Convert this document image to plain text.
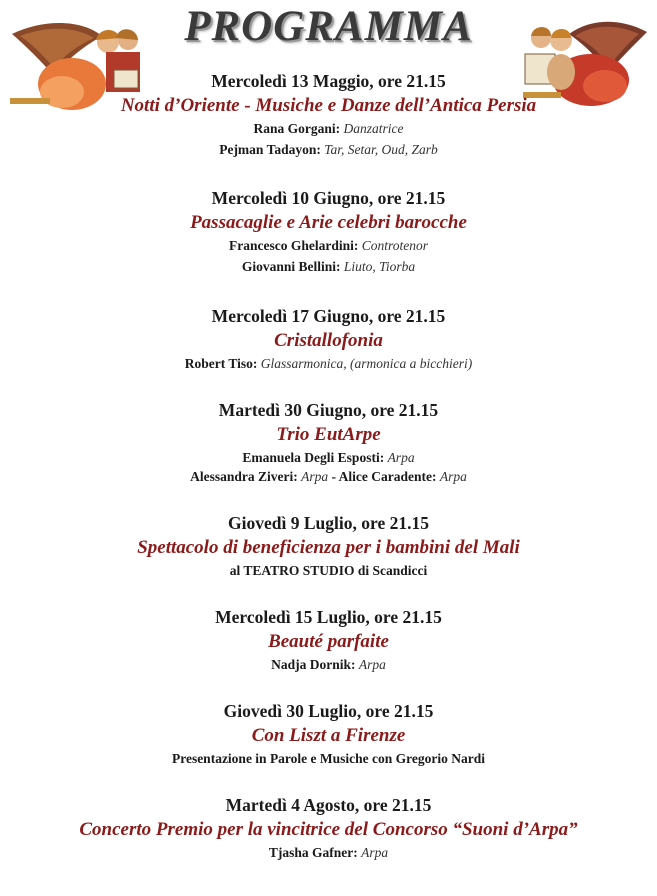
PROGRAMMA
Mercoledì 13 Maggio, ore 21.15
Notti d’Oriente - Musiche e Danze dell’Antica Persia
Rana Gorgani: Danzatrice
Pejman Tadayon: Tar, Setar, Oud, Zarb
Mercoledì 10 Giugno, ore 21.15
Passacaglie e Arie celebri barocche
Francesco Ghelardini: Controtenor
Giovanni Bellini: Liuto, Tiorba
Mercoledì 17 Giugno, ore 21.15
Cristallofonia
Robert Tiso: Glassarmonica, (armonica a bicchieri)
Martedì 30 Giugno, ore 21.15
Trio EutArpe
Emanuela Degli Esposti: Arpa
Alessandra Ziveri: Arpa - Alice Caradente: Arpa
Giovedì 9 Luglio, ore 21.15
Spettacolo di beneficienza per i bambini del Mali
al TEATRO STUDIO di Scandicci
Mercoledì 15 Luglio, ore 21.15
Beauté parfaite
Nadja Dornik: Arpa
Giovedì 30 Luglio, ore 21.15
Con Liszt a Firenze
Presentazione in Parole e Musiche con Gregorio Nardi
Martedì 4 Agosto, ore 21.15
Concerto Premio per la vincitrice del Concorso “Suoni d’Arpa”
Tjasha Gafner: Arpa
